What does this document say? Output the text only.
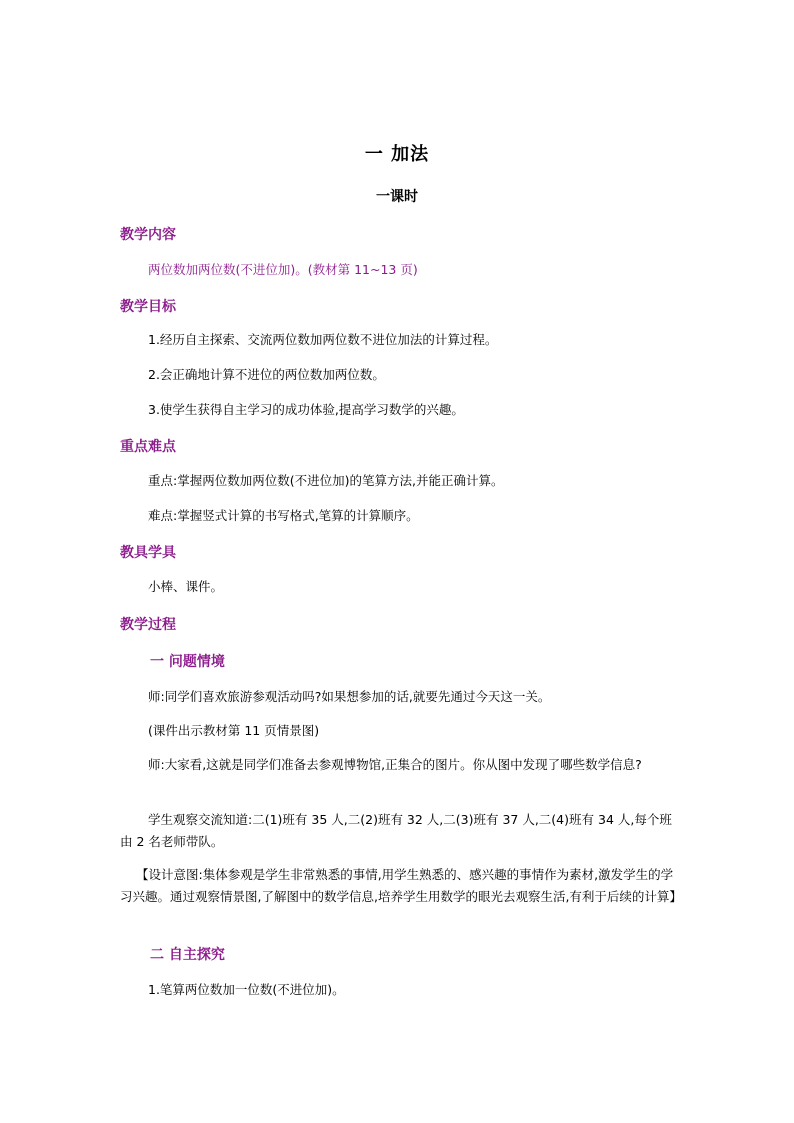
一 加法
一课时
教学内容
两位数加两位数(不进位加)。(教材第 11~13 页)
教学目标
1.经历自主探索、交流两位数加两位数不进位加法的计算过程。
2.会正确地计算不进位的两位数加两位数。
3.使学生获得自主学习的成功体验,提高学习数学的兴趣。
重点难点
重点:掌握两位数加两位数(不进位加)的笔算方法,并能正确计算。
难点:掌握竖式计算的书写格式,笔算的计算顺序。
教具学具
小棒、课件。
教学过程
一 问题情境
师:同学们喜欢旅游参观活动吗?如果想参加的话,就要先通过今天这一关。
(课件出示教材第 11 页情景图)
师:大家看,这就是同学们准备去参观博物馆,正集合的图片。你从图中发现了哪些数学信息?
学生观察交流知道:二(1)班有 35 人,二(2)班有 32 人,二(3)班有 37 人,二(4)班有 34 人,每个班由 2 名老师带队。
【设计意图:集体参观是学生非常熟悉的事情,用学生熟悉的、感兴趣的事情作为素材,激发学生的学习兴趣。通过观察情景图,了解图中的数学信息,培养学生用数学的眼光去观察生活,有利于后续的计算】
二 自主探究
1.笔算两位数加一位数(不进位加)。
